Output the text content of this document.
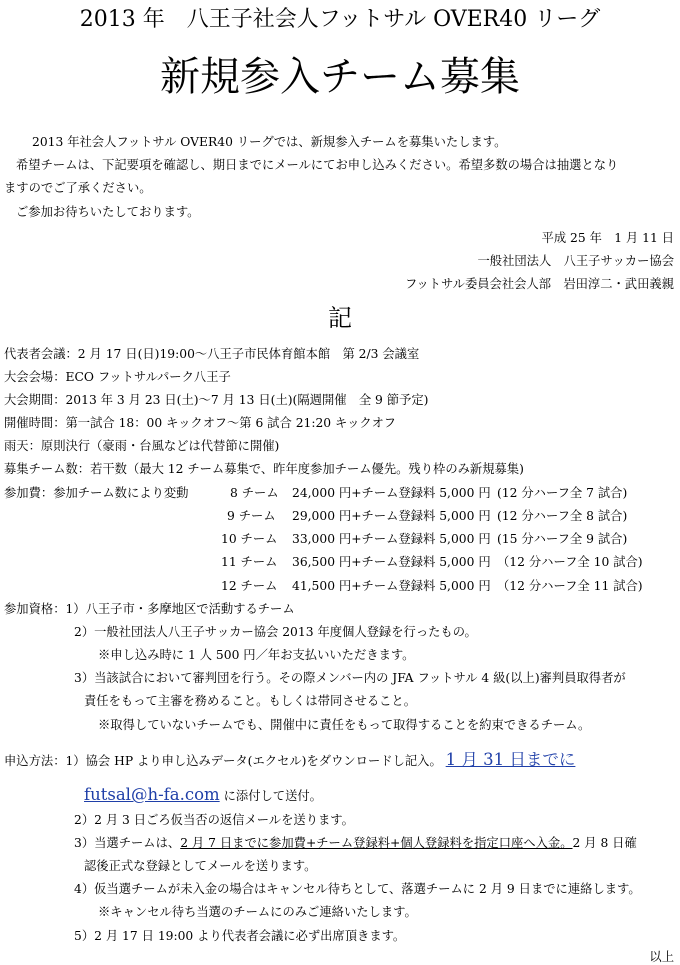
2013 年　八王子社会人フットサル OVER40 リーグ
新規参入チーム募集
2013 年社会人フットサル OVER40 リーグでは、新規参入チームを募集いたします。
希望チームは、下記要項を確認し、期日までにメールにてお申し込みください。希望多数の場合は抽選となり
ますのでご了承ください。
ご参加お待ちいたしております。
平成 25 年　1 月 11 日
一般社団法人　八王子サッカー協会
フットサル委員会社会人部　岩田淳二・武田義親
記
代表者会議：2 月 17 日(日)19:00～八王子市民体育館本館　第 2/3 会議室
大会会場：ECO フットサルパーク八王子
大会期間：2013 年 3 月 23 日(土)～7 月 13 日(土)(隔週開催　全 9 節予定)
開催時間：第一試合 18：00 キックオフ～第 6 試合 21:20 キックオフ
雨天：原則決行（豪雨・台風などは代替節に開催)
募集チーム数：若干数（最大 12 チーム募集で、昨年度参加チーム優先。残り枠のみ新規募集)
参加費：参加チーム数により変動	8 チーム 24,000 円+チーム登録料 5,000 円 (12 分ハーフ全 7 試合)
9 チーム 29,000 円+チーム登録料 5,000 円 (12 分ハーフ全 8 試合)
10 チーム 33,000 円+チーム登録料 5,000 円 (15 分ハーフ全 9 試合)
11 チーム 36,500 円+チーム登録料 5,000 円 （12 分ハーフ全 10 試合)
12 チーム 41,500 円+チーム登録料 5,000 円 （12 分ハーフ全 11 試合)
参加資格：1）八王子市・多摩地区で活動するチーム
2）一般社団法人八王子サッカー協会 2013 年度個人登録を行ったもの。
※申し込み時に 1 人 500 円／年お支払いいただきます。
3）当該試合において審判団を行う。その際メンバー内の JFA フットサル 4 級(以上)審判員取得者が
責任をもって主審を務めること。もしくは帯同させること。
※取得していないチームでも、開催中に責任をもって取得することを約束できるチーム。
申込方法：1）協会 HP より申し込みデータ(エクセル)をダウンロードし記入。 1 月 31 日までに
futsal@h-fa.com に添付して送付。
2）2 月 3 日ごろ仮当否の返信メールを送ります。
3）当選チームは、2 月 7 日までに参加費+チーム登録料+個人登録料を指定口座へ入金。2 月 8 日確
認後正式な登録としてメールを送ります。
4）仮当選チームが未入金の場合はキャンセル待ちとして、落選チームに 2 月 9 日までに連絡します。
※キャンセル待ち当選のチームにのみご連絡いたします。
5）2 月 17 日 19:00 より代表者会議に必ず出席頂きます。
以上
